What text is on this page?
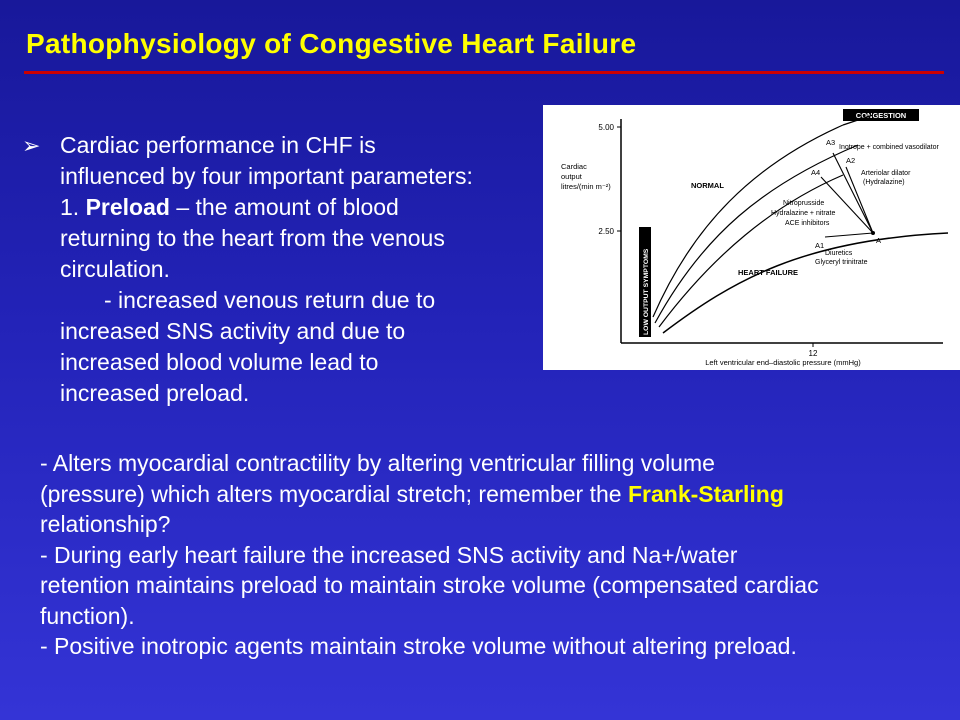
Pathophysiology of Congestive Heart Failure
➢ Cardiac performance in CHF is
influenced by four important parameters:
1. Preload – the amount of blood
returning to the heart from the venous
circulation.
- increased venous return due to
increased SNS activity and due to
increased blood volume lead to
increased preload.
CONGESTION
5.00
2.50
12
Cardiac
output
litres/(min m⁻²)
Left ventricular end–diastolic pressure (mmHg)
LOW OUTPUT SYMPTOMS
NORMAL
HEART FAILURE
A
A1
A2
A3
A4
Inotrope + combined vasodilator
Arteriolar dilator
(Hydralazine)
Nitroprusside
Hydralazine + nitrate
ACE inhibitors
Diuretics
Glyceryl trinitrate
- Alters myocardial contractility by altering ventricular filling volume
(pressure) which alters myocardial stretch; remember the Frank-Starling
relationship?
- During early heart failure the increased SNS activity and Na+/water
retention maintains preload to maintain stroke volume (compensated cardiac
function).
- Positive inotropic agents maintain stroke volume without altering preload.
